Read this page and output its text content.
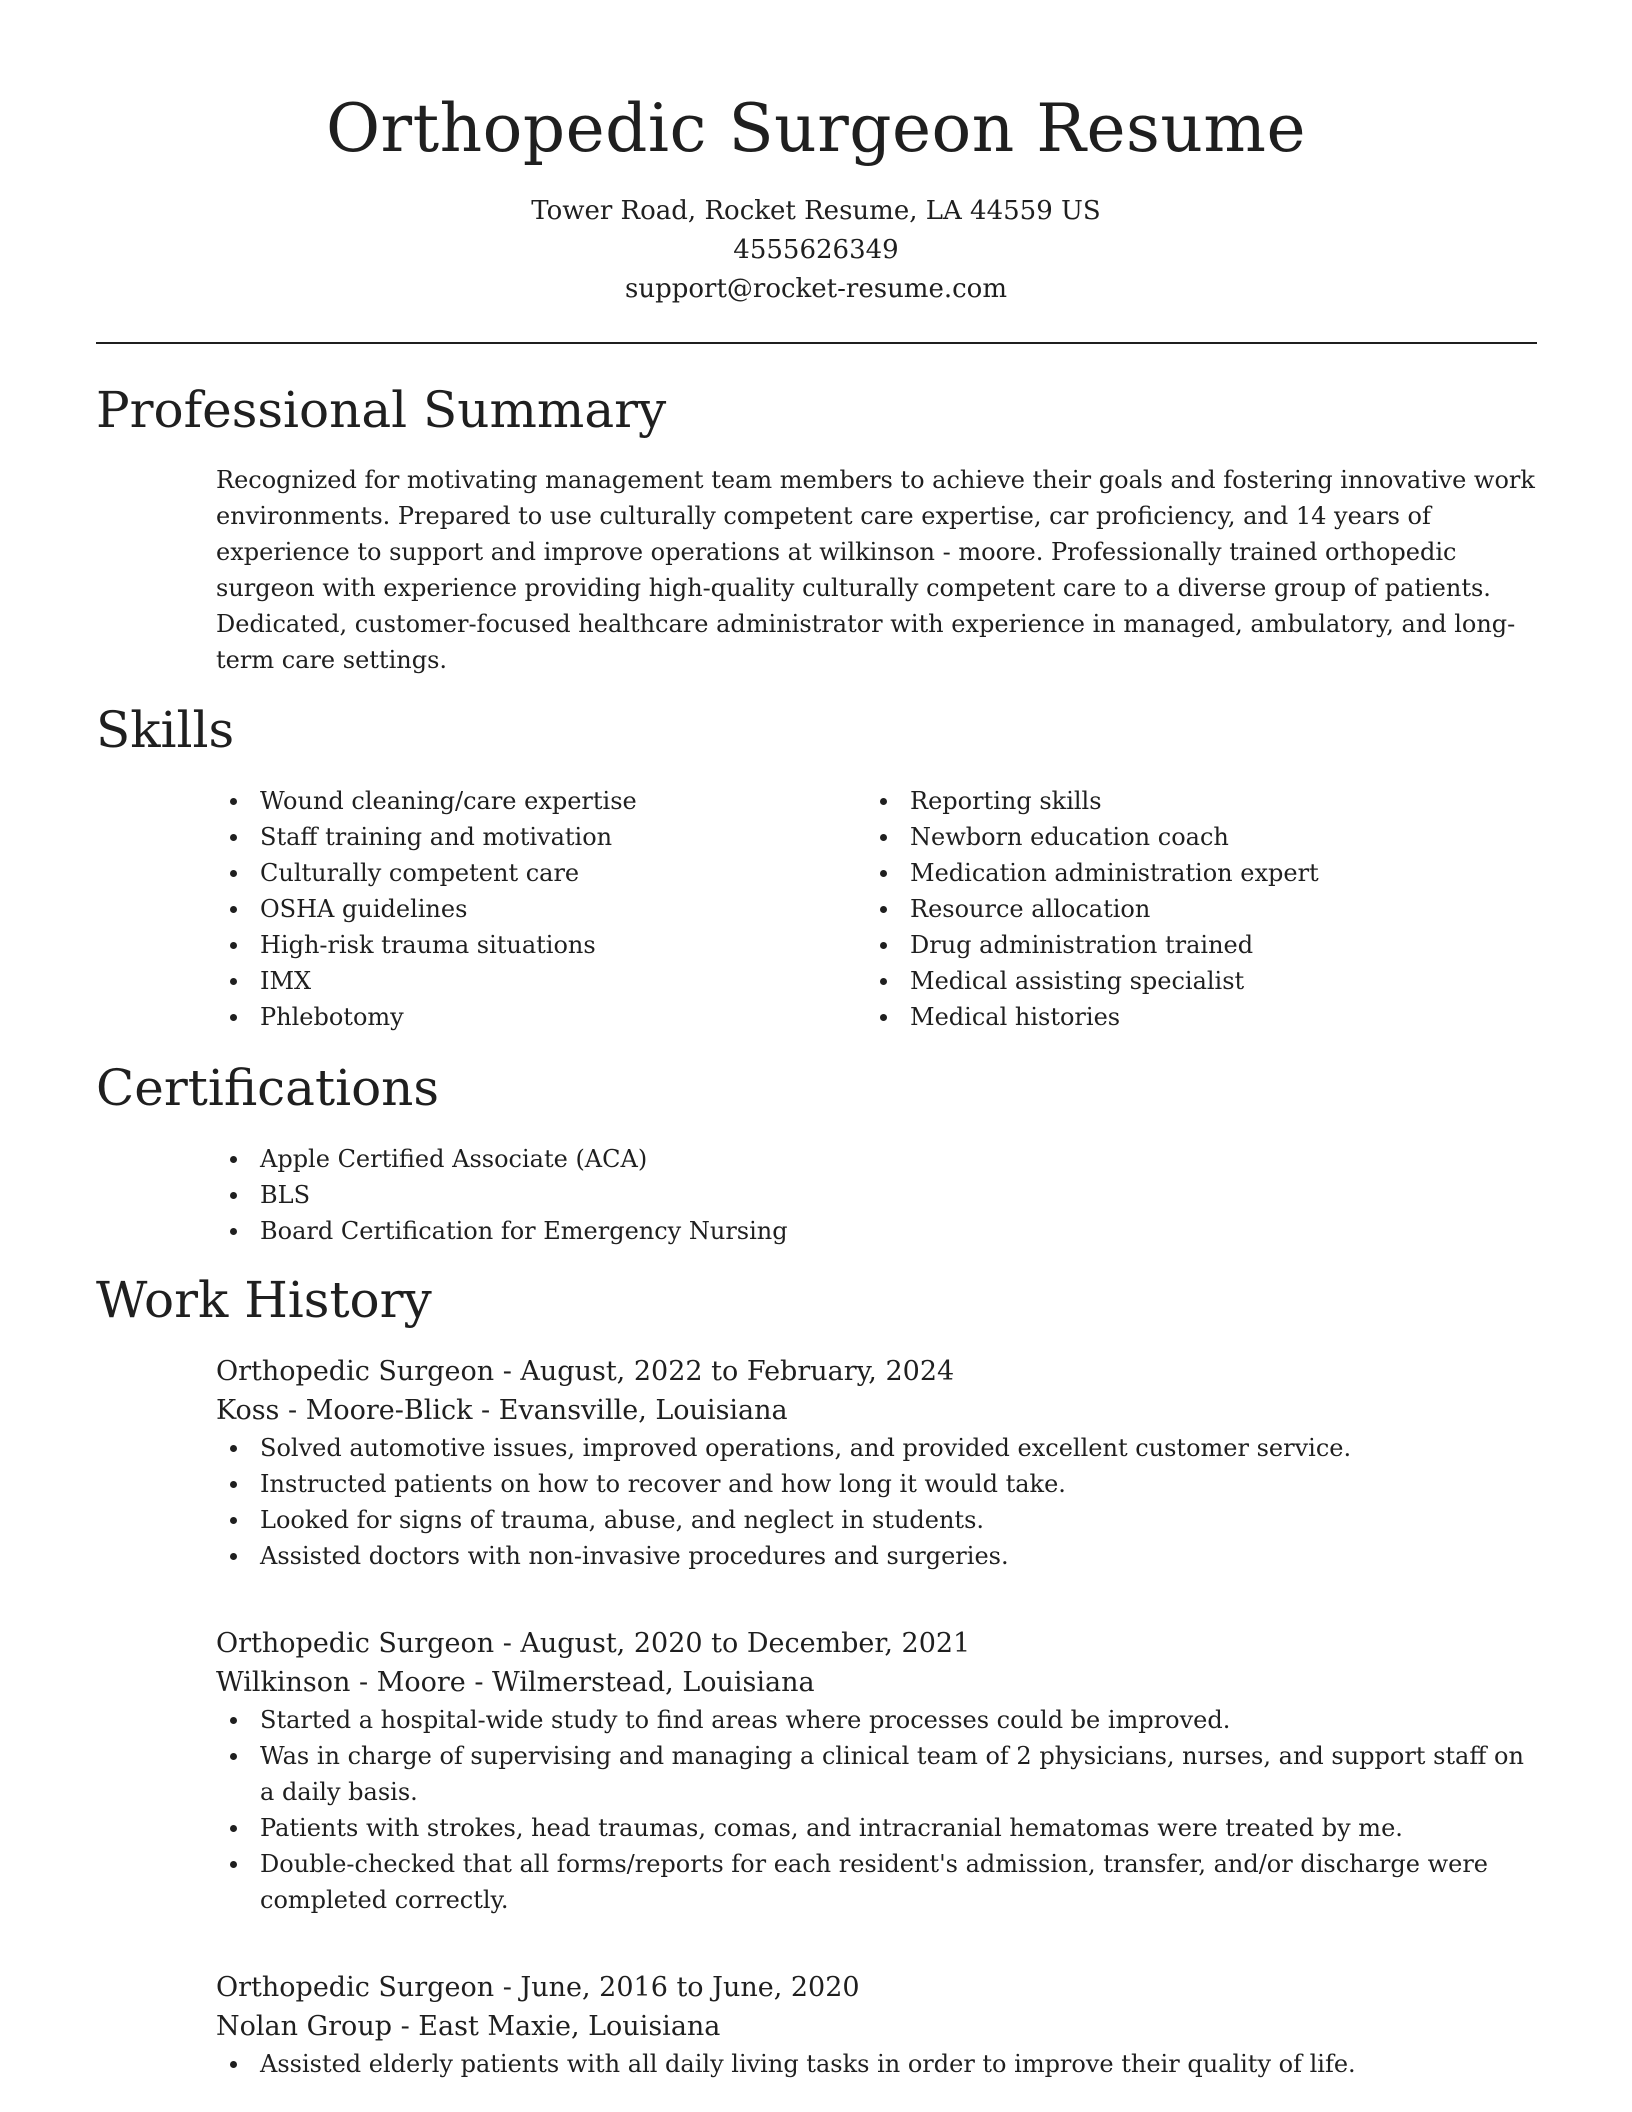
Orthopedic Surgeon Resume
Tower Road, Rocket Resume, LA 44559 US
4555626349
support@rocket-resume.com
Professional Summary

Recognized for motivating management team members to achieve their goals and fostering innovative work environments. Prepared to use culturally competent care expertise, car proficiency, and 14 years of experience to support and improve operations at wilkinson - moore. Professionally trained orthopedic surgeon with experience providing high-quality culturally competent care to a diverse group of patients. Dedicated, customer-focused healthcare administrator with experience in managed, ambulatory, and long-term care settings.

Skills
Wound cleaning/care expertise
Staff training and motivation
Culturally competent care
OSHA guidelines
High-risk trauma situations
IMX
Phlebotomy
Reporting skills
Newborn education coach
Medication administration expert
Resource allocation
Drug administration trained
Medical assisting specialist
Medical histories
Certifications
Apple Certified Associate (ACA)
BLS
Board Certification for Emergency Nursing
Work History

Orthopedic Surgeon - August, 2022 to February, 2024

Koss - Moore-Blick - Evansville, Louisiana

Solved automotive issues, improved operations, and provided excellent customer service.
Instructed patients on how to recover and how long it would take.
Looked for signs of trauma, abuse, and neglect in students.
Assisted doctors with non-invasive procedures and surgeries.

Orthopedic Surgeon - August, 2020 to December, 2021

Wilkinson - Moore - Wilmerstead, Louisiana

Started a hospital-wide study to find areas where processes could be improved.
Was in charge of supervising and managing a clinical team of 2 physicians, nurses, and support staff on a daily basis.
Patients with strokes, head traumas, comas, and intracranial hematomas were treated by me.
Double-checked that all forms/reports for each resident's admission, transfer, and/or discharge were completed correctly.

Orthopedic Surgeon - June, 2016 to June, 2020

Nolan Group - East Maxie, Louisiana

Assisted elderly patients with all daily living tasks in order to improve their quality of life.
